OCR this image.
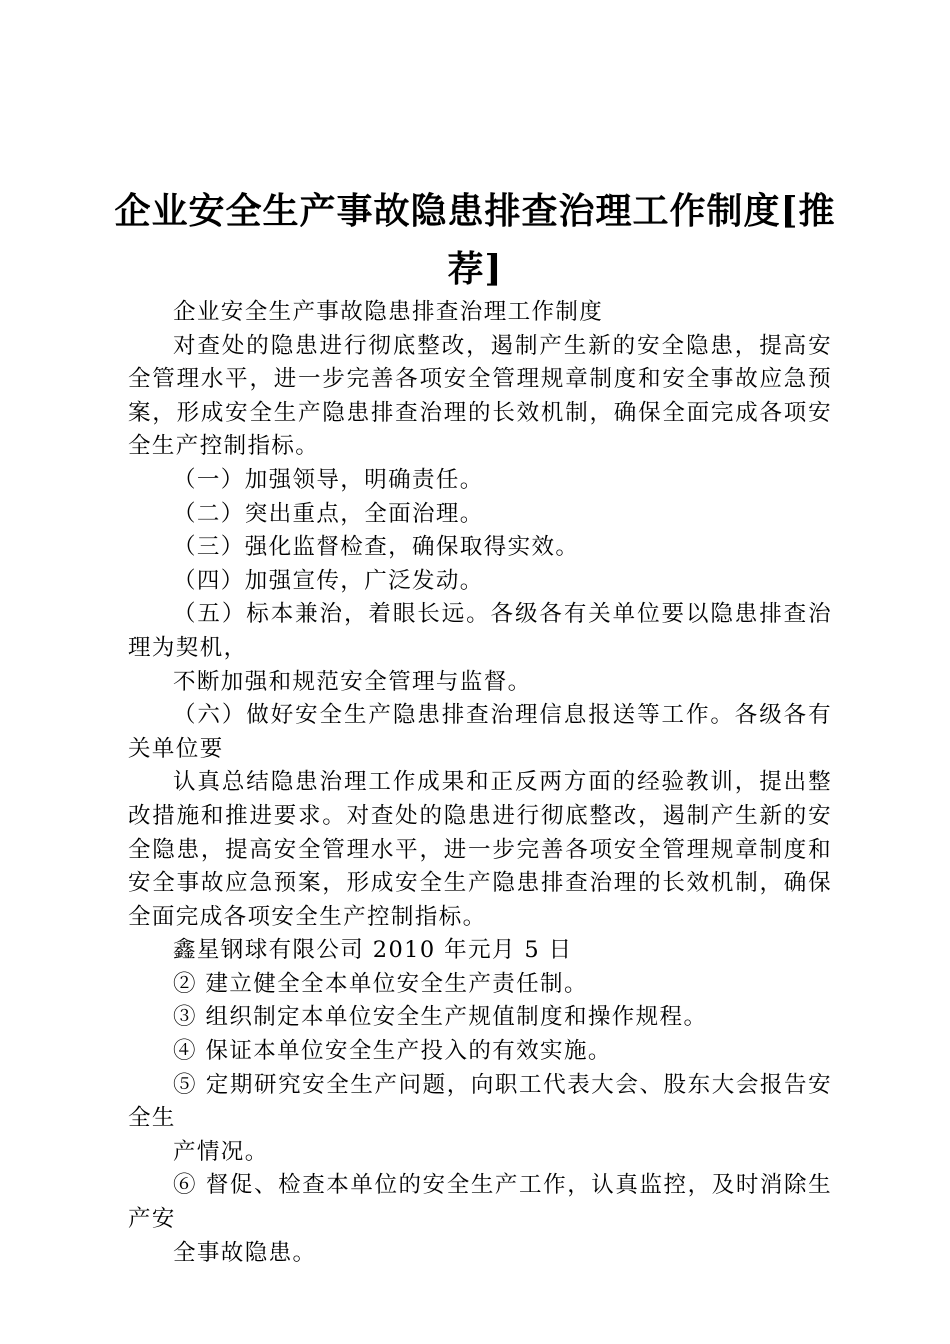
企业安全生产事故隐患排查治理工作制度[推荐]

企业安全生产事故隐患排查治理工作制度

对查处的隐患进行彻底整改，遏制产生新的安全隐患，提高安全管理水平，进一步完善各项安全管理规章制度和安全事故应急预案，形成安全生产隐患排查治理的长效机制，确保全面完成各项安全生产控制指标。

（一）加强领导，明确责任。

（二）突出重点，全面治理。

（三）强化监督检查，确保取得实效。

（四）加强宣传，广泛发动。

（五）标本兼治，着眼长远。各级各有关单位要以隐患排查治理为契机，

不断加强和规范安全管理与监督。

（六）做好安全生产隐患排查治理信息报送等工作。各级各有关单位要

认真总结隐患治理工作成果和正反两方面的经验教训，提出整改措施和推进要求。对查处的隐患进行彻底整改，遏制产生新的安全隐患，提高安全管理水平，进一步完善各项安全管理规章制度和安全事故应急预案，形成安全生产隐患排查治理的长效机制，确保全面完成各项安全生产控制指标。

鑫星钢球有限公司 2010 年元月 5 日

② 建立健全全本单位安全生产责任制。

③ 组织制定本单位安全生产规值制度和操作规程。

④ 保证本单位安全生产投入的有效实施。

⑤ 定期研究安全生产问题，向职工代表大会、股东大会报告安全生

产情况。

⑥ 督促、检查本单位的安全生产工作，认真监控，及时消除生产安

全事故隐患。
